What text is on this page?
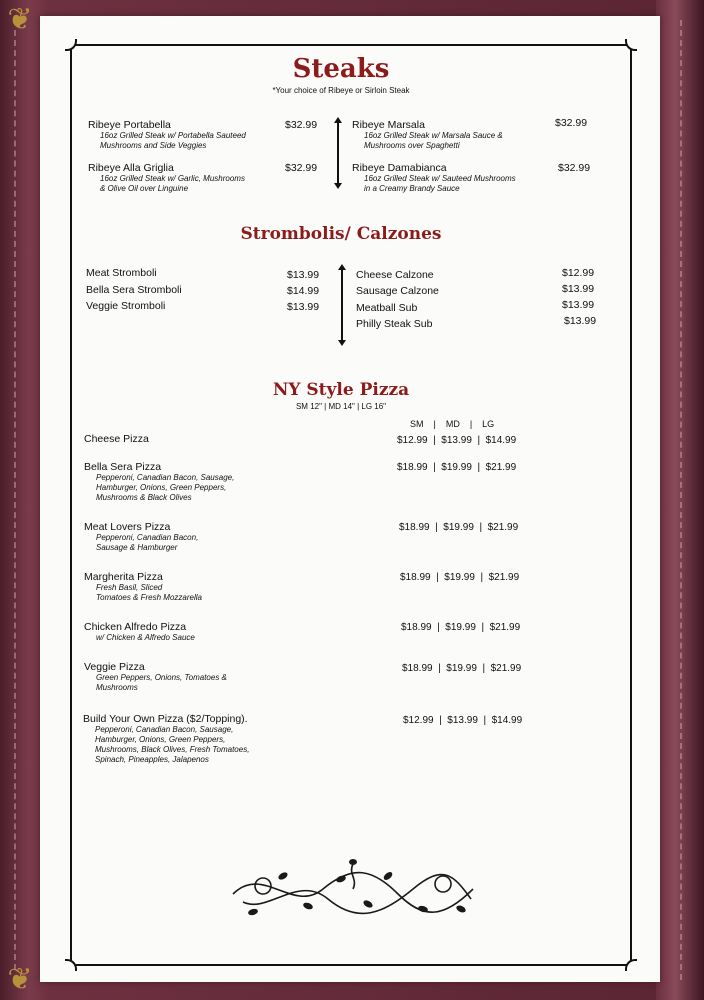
❦
❦
Steaks
*Your choice of Ribeye or Sirloin Steak
Ribeye Portabella
16oz Grilled Steak w/ Portabella Sauteed
Mushrooms and Side Veggies
$32.99
Ribeye Alla Griglia
16oz Grilled Steak w/ Garlic, Mushrooms
& Olive Oil over Linguine
$32.99
Ribeye Marsala
16oz Grilled Steak w/ Marsala Sauce &
Mushrooms over Spaghetti
$32.99
Ribeye Damabianca
16oz Grilled Steak w/ Sauteed Mushrooms
in a Creamy Brandy Sauce
$32.99
Strombolis/ Calzones
Meat Stromboli	$13.99
Bella Sera Stromboli	$14.99
Veggie Stromboli	$13.99
Cheese Calzone	$12.99
Sausage Calzone	$13.99
Meatball Sub	$13.99
Philly Steak Sub	$13.99
NY Style Pizza
SM 12" | MD 14" | LG 16"
SM    |    MD    |    LG
Cheese Pizza	$12.99  |  $13.99  |  $14.99
Bella Sera Pizza
Pepperoni, Canadian Bacon, Sausage,
Hamburger, Onions, Green Peppers,
Mushrooms & Black Olives
$18.99  |  $19.99  |  $21.99
Meat Lovers Pizza
Pepperoni, Canadian Bacon,
Sausage & Hamburger
$18.99  |  $19.99  |  $21.99
Margherita Pizza
Fresh Basil, Sliced
Tomatoes & Fresh Mozzarella
$18.99  |  $19.99  |  $21.99
Chicken Alfredo Pizza
w/ Chicken & Alfredo Sauce
$18.99  |  $19.99  |  $21.99
Veggie Pizza
Green Peppers, Onions, Tomatoes &
Mushrooms
$18.99  |  $19.99  |  $21.99
Build Your Own Pizza ($2/Topping).
Pepperoni, Canadian Bacon, Sausage,
Hamburger, Onions, Green Peppers,
Mushrooms, Black Olives, Fresh Tomatoes,
Spinach, Pineapples, Jalapenos
$12.99  |  $13.99  |  $14.99
